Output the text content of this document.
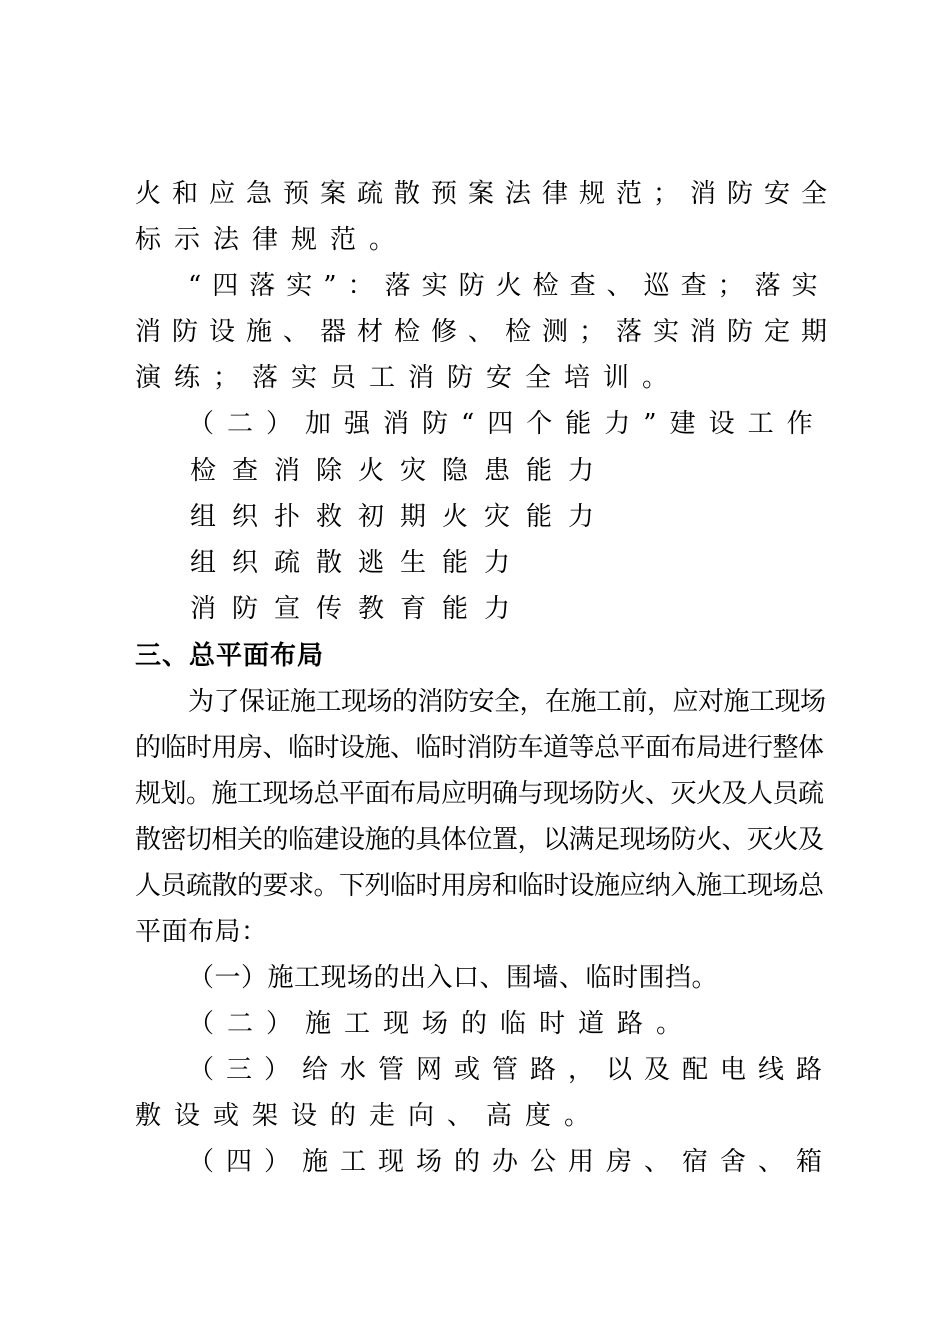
火和应急预案疏散预案法律规范；消防安全
标示法律规范。
“四落实”：落实防火检查、巡查；落实
消防设施、器材检修、检测；落实消防定期
演练；落实员工消防安全培训。
（二）加强消防“四个能力”建设工作
检查消除火灾隐患能力
组织扑救初期火灾能力
组织疏散逃生能力
消防宣传教育能力
三、总平面布局
为了保证施工现场的消防安全，在施工前，应对施工现场
的临时用房、临时设施、临时消防车道等总平面布局进行整体
规划。施工现场总平面布局应明确与现场防火、灭火及人员疏
散密切相关的临建设施的具体位置，以满足现场防火、灭火及
人员疏散的要求。下列临时用房和临时设施应纳入施工现场总
平面布局：
（一）施工现场的出入口、围墙、临时围挡。
（二）施工现场的临时道路。
（三）给水管网或管路，以及配电线路
敷设或架设的走向、高度。
（四）施工现场的办公用房、宿舍、箱
